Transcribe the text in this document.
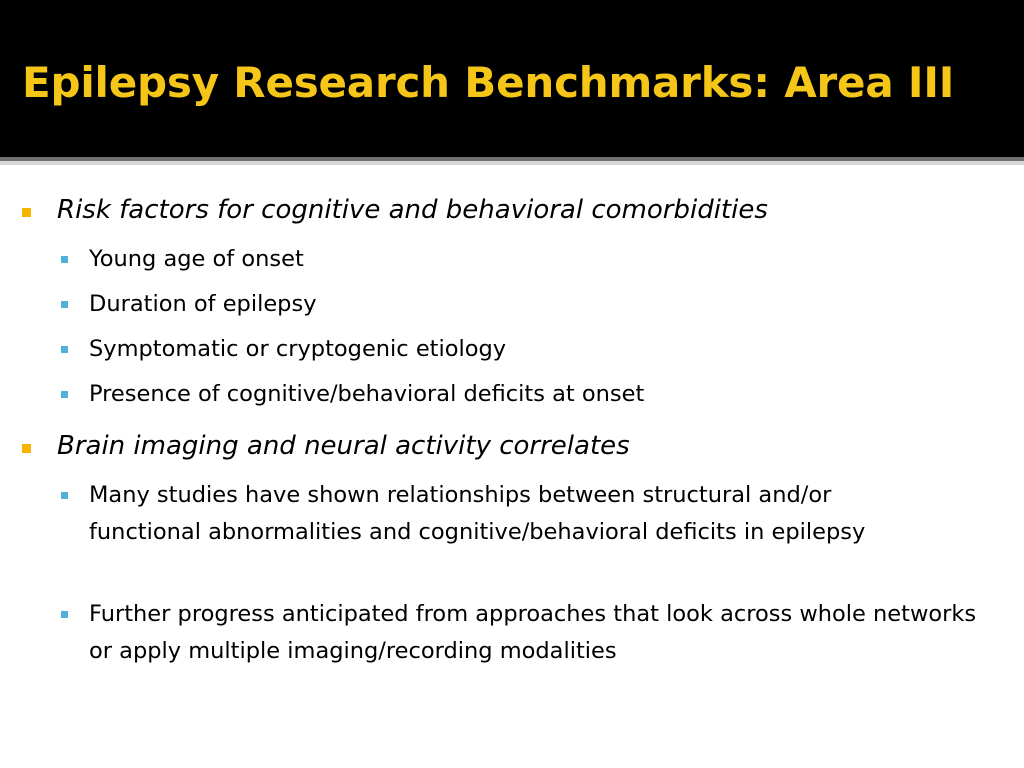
Epilepsy Research Benchmarks: Area III
Risk factors for cognitive and behavioral comorbidities
Young age of onset
Duration of epilepsy
Symptomatic or cryptogenic etiology
Presence of cognitive/behavioral deficits at onset
Brain imaging and neural activity correlates
Many studies have shown relationships between structural and/or functional abnormalities and cognitive/behavioral deficits in epilepsy
Further progress anticipated from approaches that look across whole networks or apply multiple imaging/recording modalities
